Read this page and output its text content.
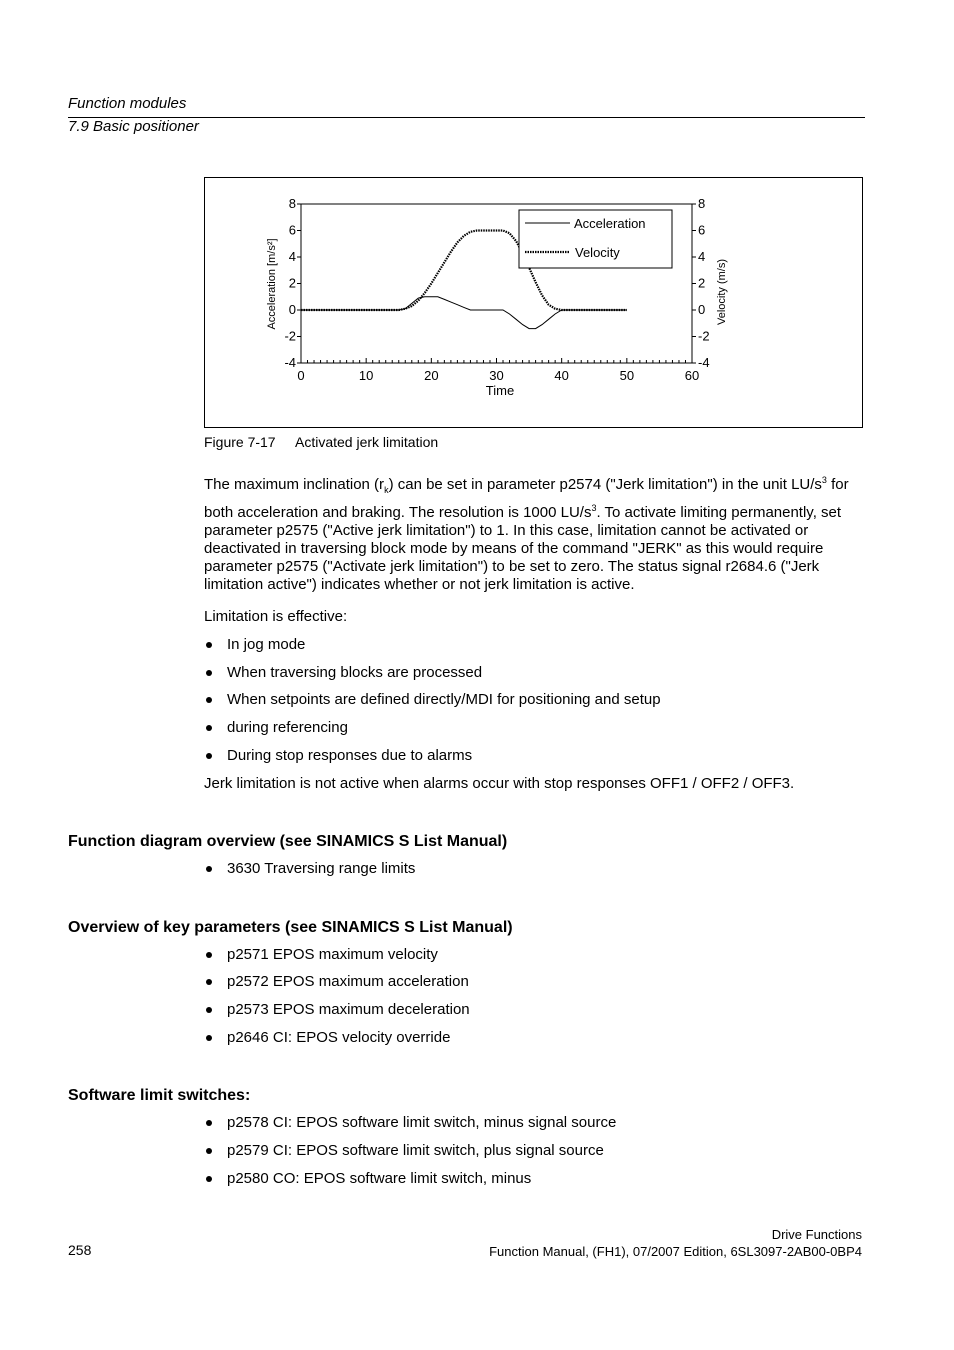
Function modules
7.9 Basic positioner
0	10	20	30	40	50	60
8
6
4
2
0
-2
-4
8
6
4
2
0
-2
-4
Time
Acceleration [m/s²]	Velocity (m/s)
Acceleration
Velocity
Figure 7-17 Activated jerk limitation
The maximum inclination $(r_k)$ can be set in parameter p2574 ("Jerk limitation") in the unit $LU/s^3$ for both acceleration and braking. The resolution is 1000 $LU/s^3$. To activate limiting permanently, set parameter p2575 ("Active jerk limitation") to 1. In this case, limitation cannot be activated or deactivated in traversing block mode by means of the command "JERK" as this would require parameter p2575 ("Activate jerk limitation") to be set to zero. The status signal r2684.6 ("Jerk limitation active") indicates whether or not jerk limitation is active.
Limitation is effective:
In jog mode
When traversing blocks are processed
When setpoints are defined directly/MDI for positioning and setup
during referencing
During stop responses due to alarms
Jerk limitation is not active when alarms occur with stop responses OFF1 / OFF2 / OFF3.
Function diagram overview (see SINAMICS S List Manual)
3630 Traversing range limits
Overview of key parameters (see SINAMICS S List Manual)
p2571 EPOS maximum velocity
p2572 EPOS maximum acceleration
p2573 EPOS maximum deceleration
p2646 CI: EPOS velocity override
Software limit switches:
p2578 CI: EPOS software limit switch, minus signal source
p2579 CI: EPOS software limit switch, plus signal source
p2580 CO: EPOS software limit switch, minus
258
Drive Functions
Function Manual, (FH1), 07/2007 Edition, 6SL3097-2AB00-0BP4
